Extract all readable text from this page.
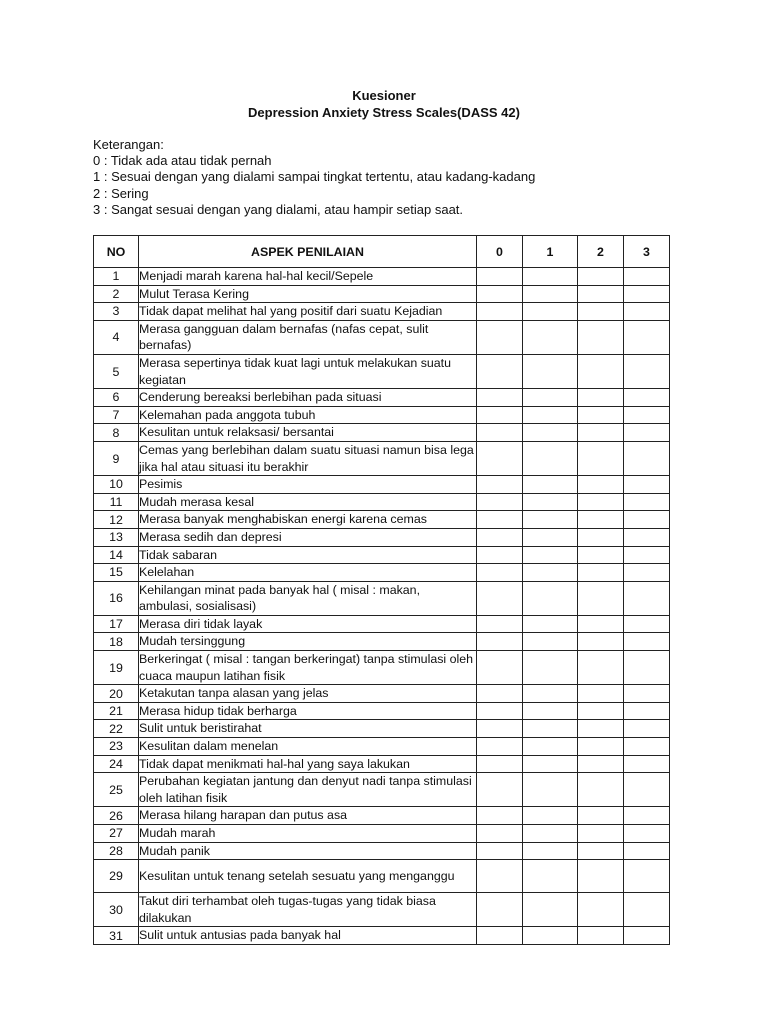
Kuesioner
Depression Anxiety Stress Scales(DASS 42)
Keterangan:
0 : Tidak ada atau tidak pernah
1 : Sesuai dengan yang dialami sampai tingkat tertentu, atau kadang-kadang
2 : Sering
3 : Sangat sesuai dengan yang dialami, atau hampir setiap saat.
NO	ASPEK PENILAIAN	0	1	2	3
1	Menjadi marah karena hal-hal kecil/Sepele				
2	Mulut Terasa Kering				
3	Tidak dapat melihat hal yang positif dari suatu Kejadian				
4	Merasa gangguan dalam bernafas (nafas cepat, sulit bernafas)				
5	Merasa sepertinya tidak kuat lagi untuk melakukan suatu kegiatan				
6	Cenderung bereaksi berlebihan pada situasi				
7	Kelemahan pada anggota tubuh				
8	Kesulitan untuk relaksasi/ bersantai				
9	Cemas yang berlebihan dalam suatu situasi namun bisa lega jika hal atau situasi itu berakhir				
10	Pesimis				
11	Mudah merasa kesal				
12	Merasa banyak menghabiskan energi karena cemas				
13	Merasa sedih dan depresi				
14	Tidak sabaran				
15	Kelelahan				
16	Kehilangan minat pada banyak hal ( misal : makan, ambulasi, sosialisasi)				
17	Merasa diri tidak layak				
18	Mudah tersinggung				
19	Berkeringat ( misal : tangan berkeringat) tanpa stimulasi oleh cuaca maupun latihan fisik				
20	Ketakutan tanpa alasan yang jelas				
21	Merasa hidup tidak berharga				
22	Sulit untuk beristirahat				
23	Kesulitan dalam menelan				
24	Tidak dapat menikmati hal-hal yang saya lakukan				
25	Perubahan kegiatan jantung dan denyut nadi tanpa stimulasi oleh latihan fisik				
26	Merasa hilang harapan dan putus asa				
27	Mudah marah				
28	Mudah panik				
29	Kesulitan untuk tenang setelah sesuatu yang menganggu				
30	Takut diri terhambat oleh tugas-tugas yang tidak biasa dilakukan				
31	Sulit untuk antusias pada banyak hal				
